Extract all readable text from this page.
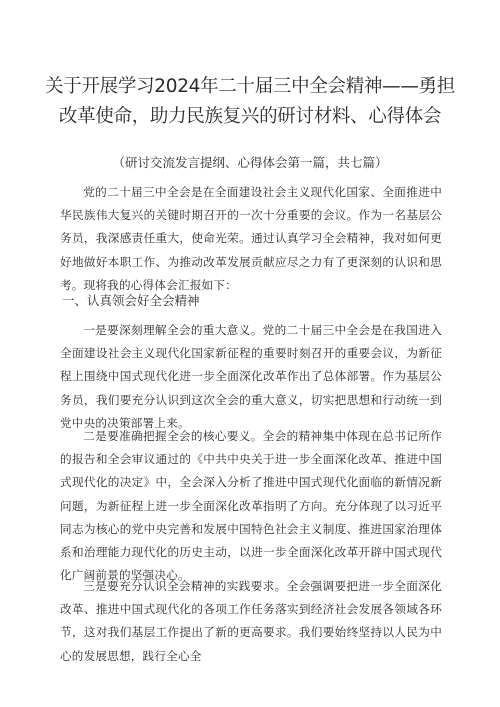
关于开展学习2024年二十届三中全会精神——勇担改革使命，助力民族复兴的研讨材料、心得体会

（研讨交流发言提纲、心得体会第一篇，共七篇）

党的二十届三中全会是在全面建设社会主义现代化国家、全面推进中华民族伟大复兴的关键时期召开的一次十分重要的会议。作为一名基层公务员，我深感责任重大，使命光荣。通过认真学习全会精神，我对如何更好地做好本职工作、为推动改革发展贡献应尽之力有了更深刻的认识和思考。现将我的心得体会汇报如下：

一、认真领会好全会精神

一是要深刻理解全会的重大意义。党的二十届三中全会是在我国进入全面建设社会主义现代化国家新征程的重要时刻召开的重要会议，为新征程上围绕中国式现代化进一步全面深化改革作出了总体部署。作为基层公务员，我们要充分认识到这次全会的重大意义，切实把思想和行动统一到党中央的决策部署上来。

二是要准确把握全会的核心要义。全会的精神集中体现在总书记所作的报告和全会审议通过的《中共中央关于进一步全面深化改革、推进中国式现代化的决定》中，全会深入分析了推进中国式现代化面临的新情况新问题，为新征程上进一步全面深化改革指明了方向。充分体现了以习近平同志为核心的党中央完善和发展中国特色社会主义制度、推进国家治理体系和治理能力现代化的历史主动，以进一步全面深化改革开辟中国式现代化广阔前景的坚强决心。

三是要充分认识全会精神的实践要求。全会强调要把进一步全面深化改革、推进中国式现代化的各项工作任务落实到经济社会发展各领域各环节，这对我们基层工作提出了新的更高要求。我们要始终坚持以人民为中心的发展思想，践行全心全
